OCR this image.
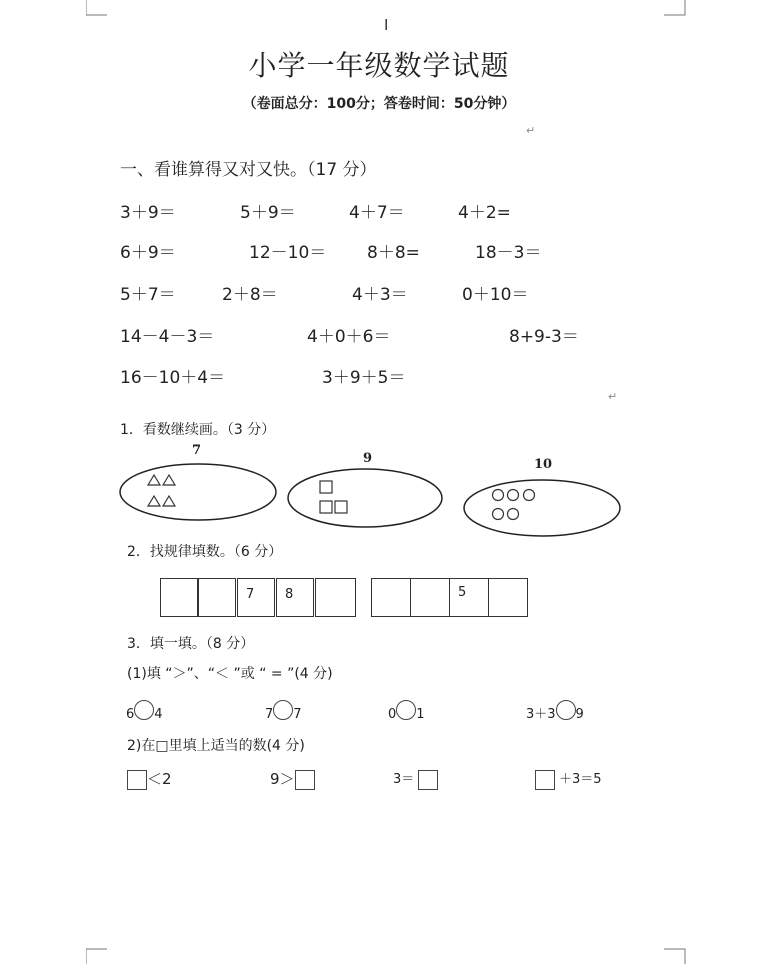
I
小学一年级数学试题
（卷面总分：100分；答卷时间：50分钟）
↵
一、看谁算得又对又快。（17 分）
3＋9＝	5＋9＝	4＋7＝	4＋2=
6＋9＝	12－10＝ 8＋8=	18－3＝
5＋7＝	2＋8＝	4＋3＝	0＋10＝
14－4－3＝	4＋0＋6＝	8+9-3＝
16－10＋4＝	3＋9＋5＝
↵
1．看数继续画。（3 分）
7
9	10
2．找规律填数。（6 分）
7	8	5
3．填一填。（8 分）
(1)填 “＞”、“＜ ”或 “ = ”(4 分)
6 4	7 7	0 1	3＋3 9
2)在□里填上适当的数(4 分)
＜2	9＞	3＝	＋3＝5
